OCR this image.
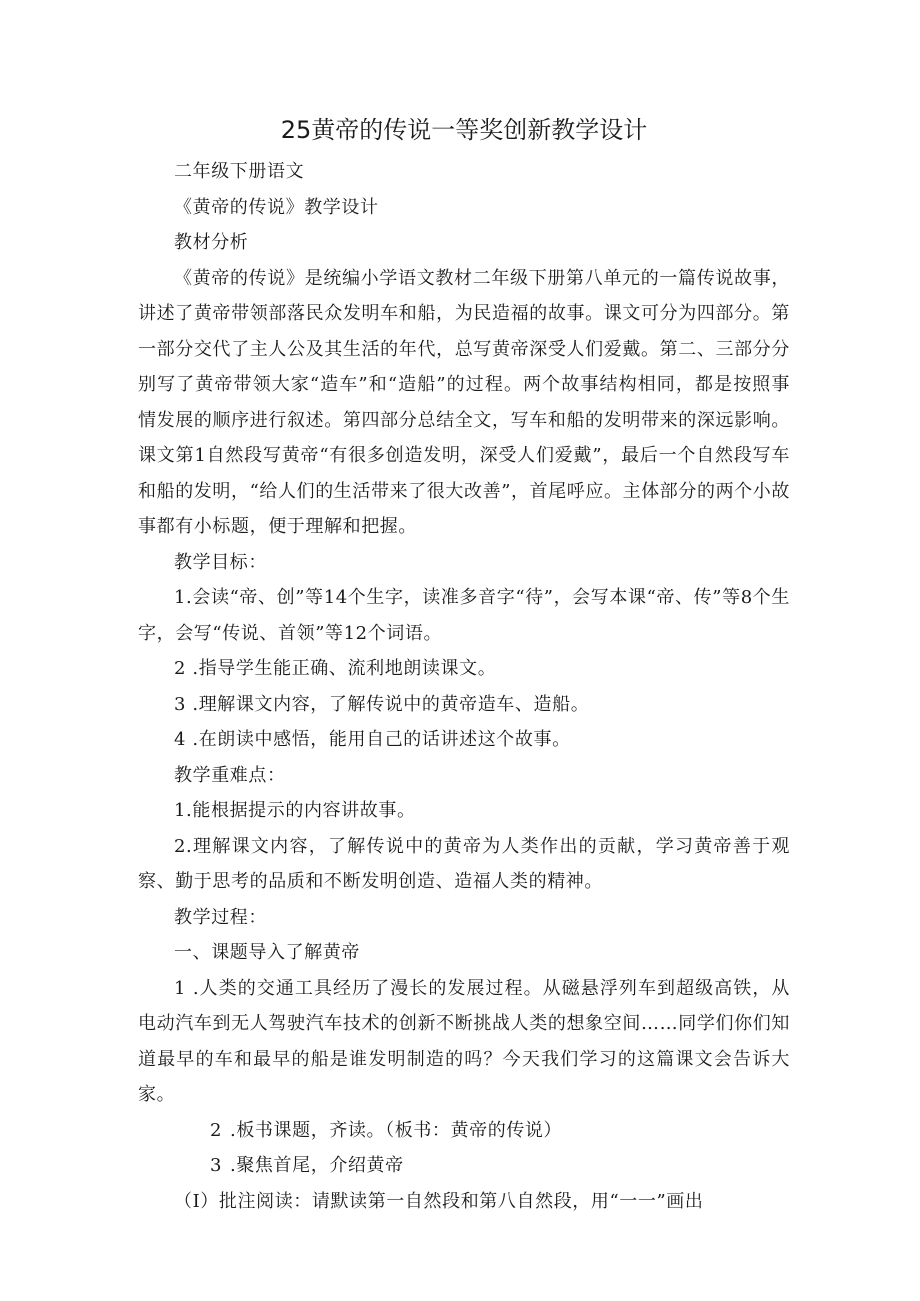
25黄帝的传说一等奖创新教学设计

二年级下册语文

《黄帝的传说》教学设计

教材分析

《黄帝的传说》是统编小学语文教材二年级下册第八单元的一篇传说故事，讲述了黄帝带领部落民众发明车和船，为民造福的故事。课文可分为四部分。第一部分交代了主人公及其生活的年代，总写黄帝深受人们爱戴。第二、三部分分别写了黄帝带领大家“造车”和“造船”的过程。两个故事结构相同，都是按照事情发展的顺序进行叙述。第四部分总结全文，写车和船的发明带来的深远影响。课文第1自然段写黄帝“有很多创造发明，深受人们爱戴”，最后一个自然段写车和船的发明，“给人们的生活带来了很大改善”，首尾呼应。主体部分的两个小故事都有小标题，便于理解和把握。

教学目标：

1.会读“帝、创”等14个生字，读准多音字“待”，会写本课“帝、传”等8个生字，会写“传说、首领”等12个词语。

2 .指导学生能正确、流利地朗读课文。

3 .理解课文内容，了解传说中的黄帝造车、造船。

4 .在朗读中感悟，能用自己的话讲述这个故事。

教学重难点：

1.能根据提示的内容讲故事。

2.理解课文内容，了解传说中的黄帝为人类作出的贡献，学习黄帝善于观察、勤于思考的品质和不断发明创造、造福人类的精神。

教学过程：

一、课题导入了解黄帝

1 .人类的交通工具经历了漫长的发展过程。从磁悬浮列车到超级高铁，从电动汽车到无人驾驶汽车技术的创新不断挑战人类的想象空间……同学们你们知道最早的车和最早的船是谁发明制造的吗？今天我们学习的这篇课文会告诉大家。

2 .板书课题，齐读。（板书：黄帝的传说）

3 .聚焦首尾，介绍黄帝

（I）批注阅读：请默读第一自然段和第八自然段，用“一一”画出
